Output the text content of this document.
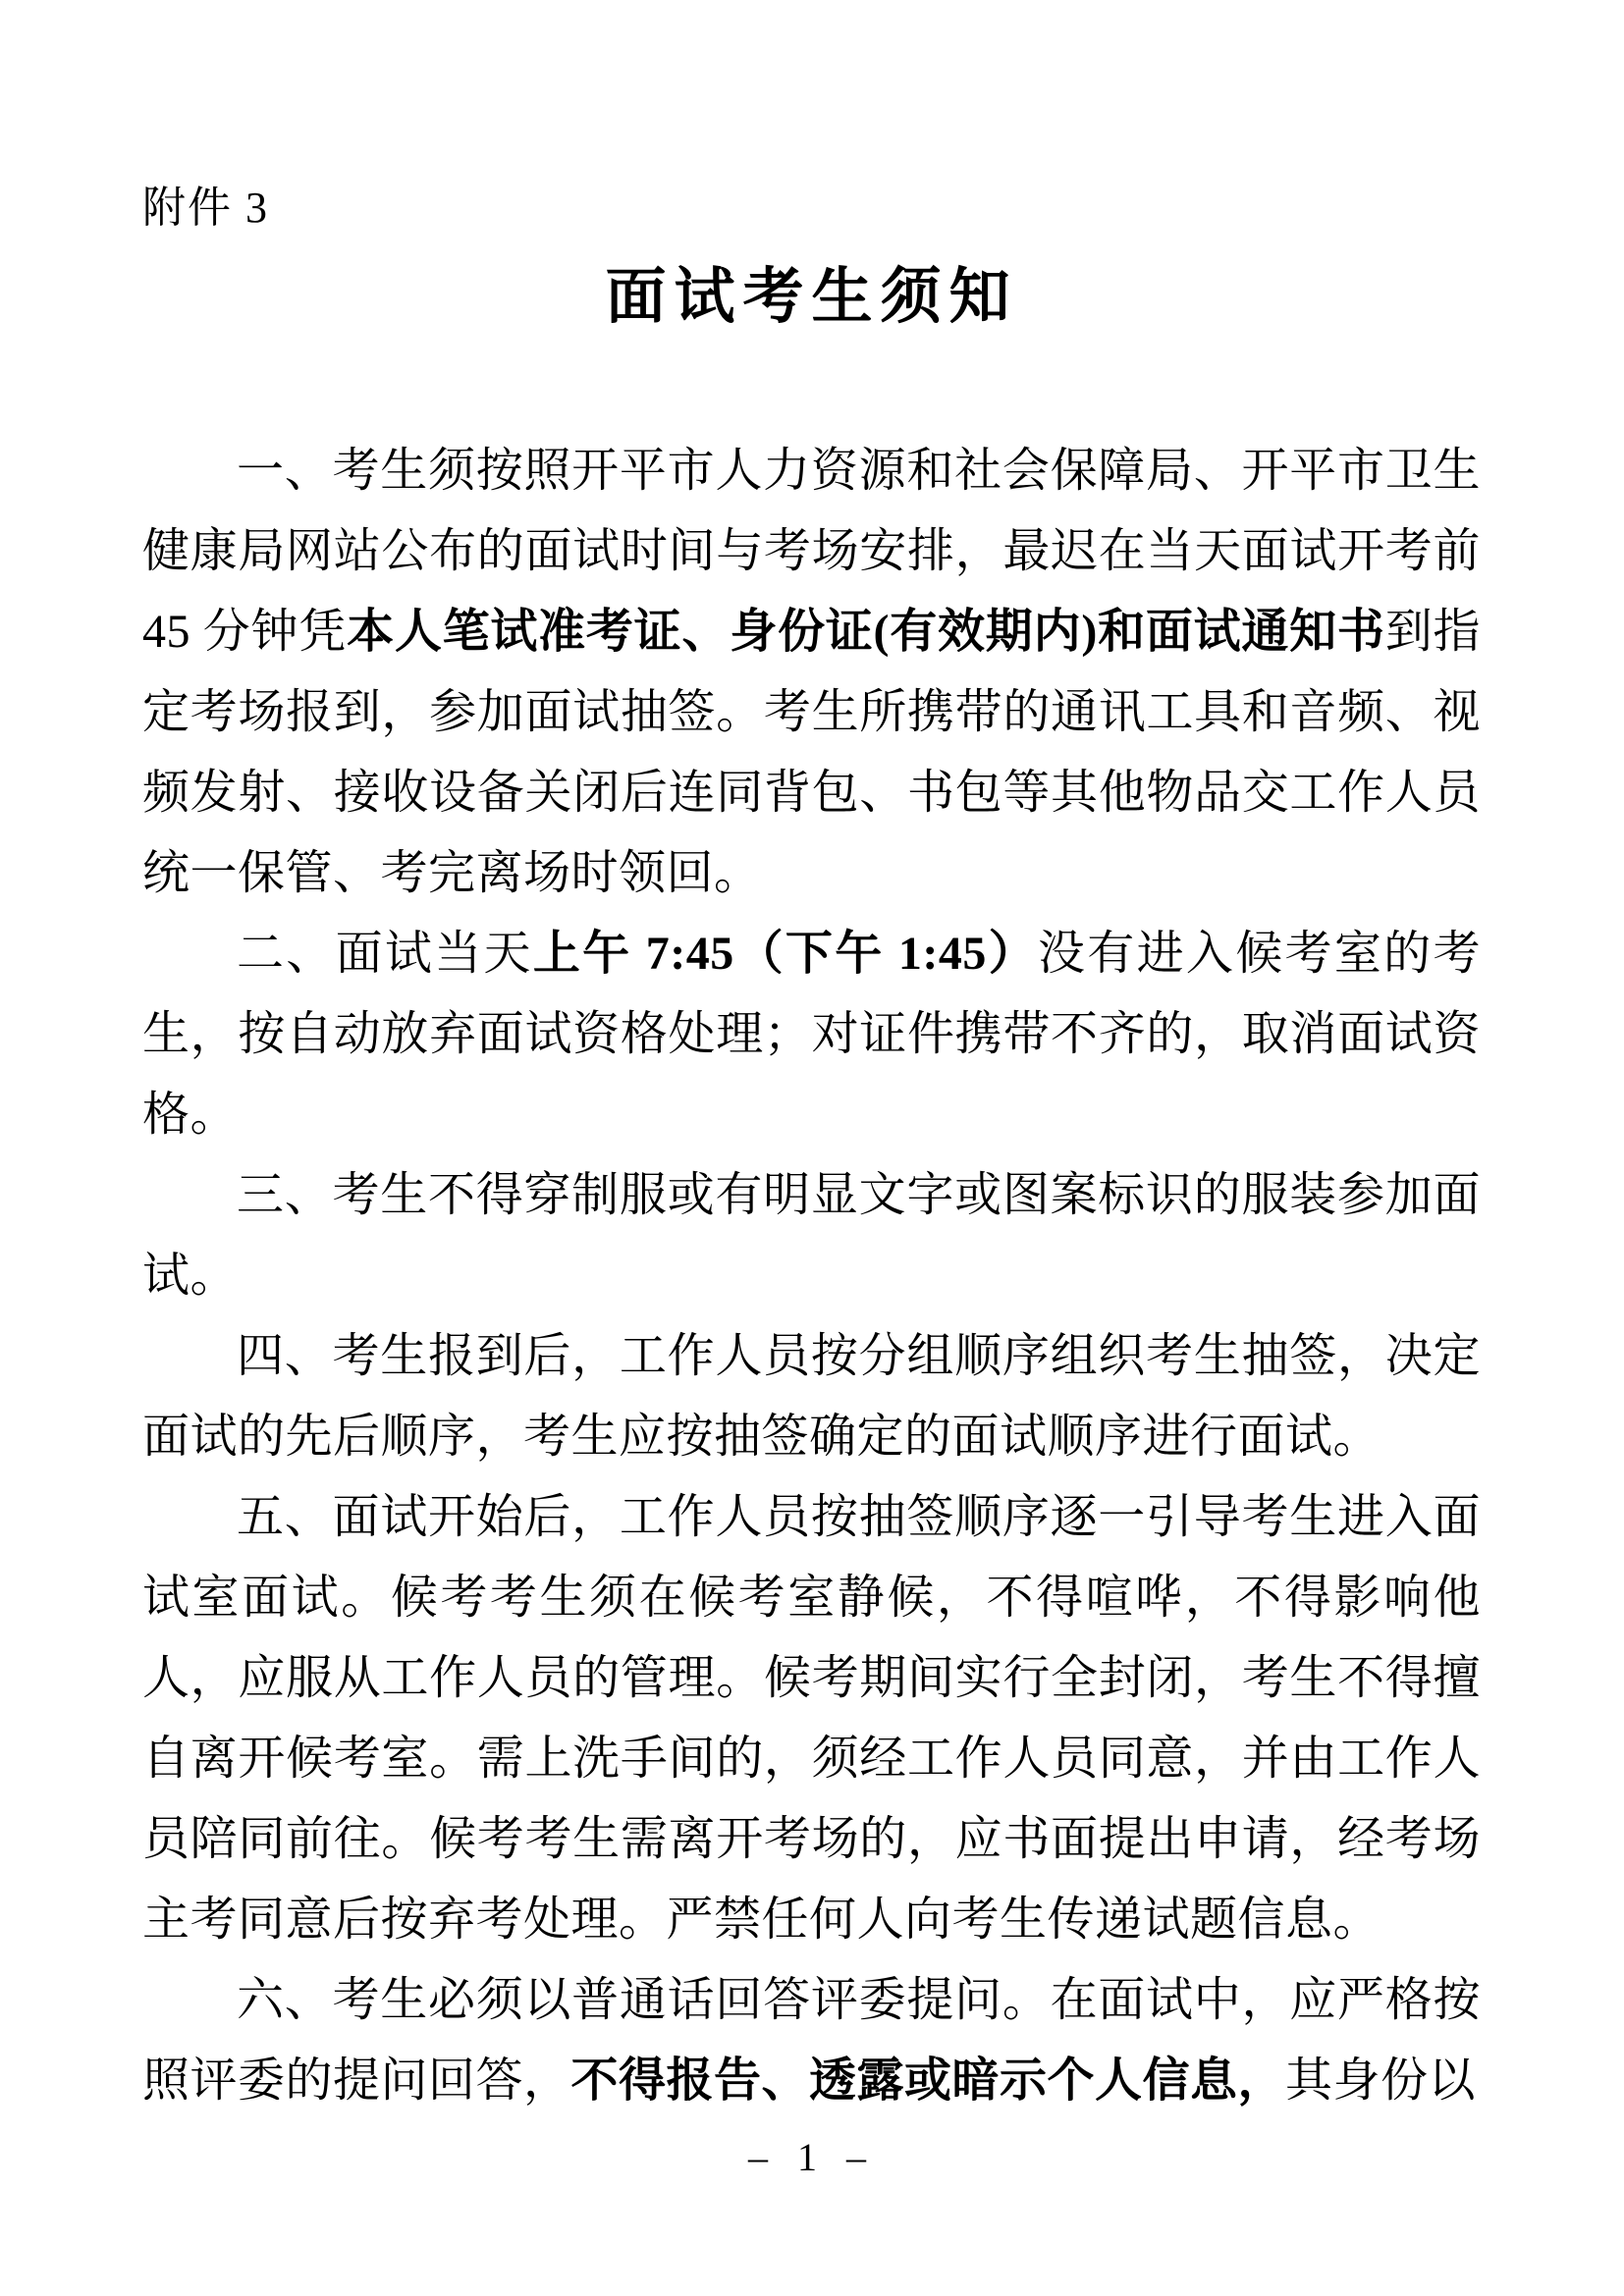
附件 3
面试考生须知

一、考生须按照开平市人力资源和社会保障局、开平市卫生健康局网站公布的面试时间与考场安排，最迟在当天面试开考前 45 分钟凭本人笔试准考证、身份证(有效期内)和面试通知书到指定考场报到，参加面试抽签。考生所携带的通讯工具和音频、视频发射、接收设备关闭后连同背包、书包等其他物品交工作人员统一保管、考完离场时领回。

二、面试当天上午 7:45（下午 1:45）没有进入候考室的考生，按自动放弃面试资格处理；对证件携带不齐的，取消面试资格。

三、考生不得穿制服或有明显文字或图案标识的服装参加面试。

四、考生报到后，工作人员按分组顺序组织考生抽签，决定面试的先后顺序，考生应按抽签确定的面试顺序进行面试。

五、面试开始后，工作人员按抽签顺序逐一引导考生进入面试室面试。候考考生须在候考室静候，不得喧哗，不得影响他人，应服从工作人员的管理。候考期间实行全封闭，考生不得擅自离开候考室。需上洗手间的，须经工作人员同意，并由工作人员陪同前往。候考考生需离开考场的，应书面提出申请，经考场主考同意后按弃考处理。严禁任何人向考生传递试题信息。

六、考生必须以普通话回答评委提问。在面试中，应严格按照评委的提问回答，不得报告、透露或暗示个人信息，其身份以

– 1 –
